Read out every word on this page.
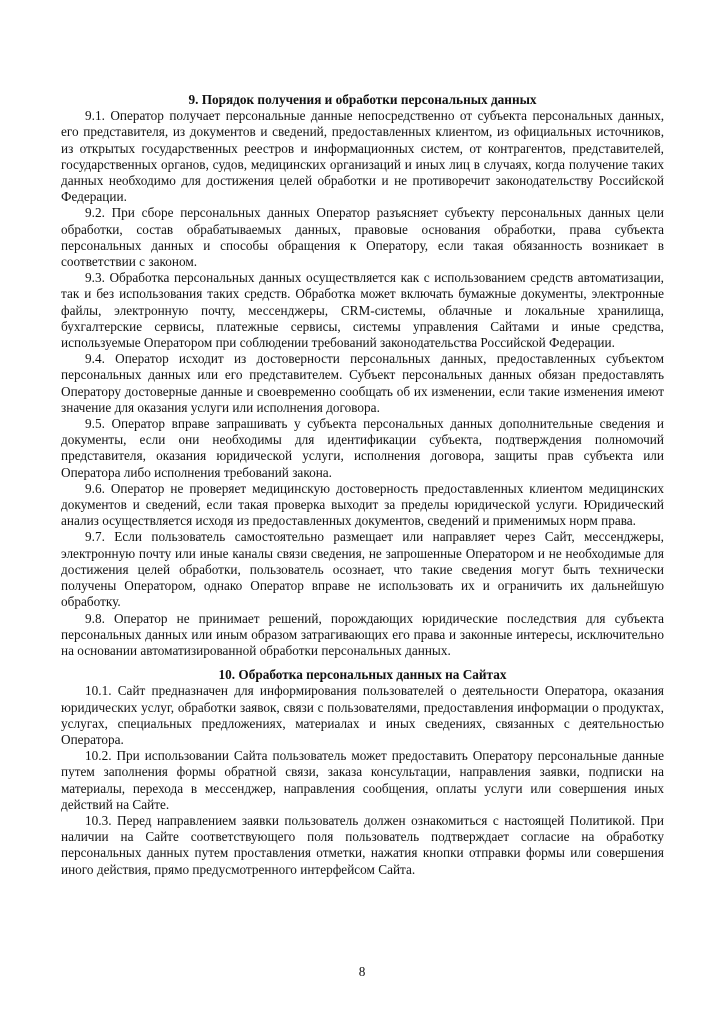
9. Порядок получения и обработки персональных данных

9.1. Оператор получает персональные данные непосредственно от субъекта персональных данных, его представителя, из документов и сведений, предоставленных клиентом, из официальных источников, из открытых государственных реестров и информационных систем, от контрагентов, представителей, государственных органов, судов, медицинских организаций и иных лиц в случаях, когда получение таких данных необходимо для достижения целей обработки и не противоречит законодательству Российской Федерации.

9.2. При сборе персональных данных Оператор разъясняет субъекту персональных данных цели обработки, состав обрабатываемых данных, правовые основания обработки, права субъекта персональных данных и способы обращения к Оператору, если такая обязанность возникает в соответствии с законом.

9.3. Обработка персональных данных осуществляется как с использованием средств автоматизации, так и без использования таких средств. Обработка может включать бумажные документы, электронные файлы, электронную почту, мессенджеры, CRM-системы, облачные и локальные хранилища, бухгалтерские сервисы, платежные сервисы, системы управления Сайтами и иные средства, используемые Оператором при соблюдении требований законодательства Российской Федерации.

9.4. Оператор исходит из достоверности персональных данных, предоставленных субъектом персональных данных или его представителем. Субъект персональных данных обязан предоставлять Оператору достоверные данные и своевременно сообщать об их изменении, если такие изменения имеют значение для оказания услуги или исполнения договора.

9.5. Оператор вправе запрашивать у субъекта персональных данных дополнительные сведения и документы, если они необходимы для идентификации субъекта, подтверждения полномочий представителя, оказания юридической услуги, исполнения договора, защиты прав субъекта или Оператора либо исполнения требований закона.

9.6. Оператор не проверяет медицинскую достоверность предоставленных клиентом медицинских документов и сведений, если такая проверка выходит за пределы юридической услуги. Юридический анализ осуществляется исходя из предоставленных документов, сведений и применимых норм права.

9.7. Если пользователь самостоятельно размещает или направляет через Сайт, мессенджеры, электронную почту или иные каналы связи сведения, не запрошенные Оператором и не необходимые для достижения целей обработки, пользователь осознает, что такие сведения могут быть технически получены Оператором, однако Оператор вправе не использовать их и ограничить их дальнейшую обработку.

9.8. Оператор не принимает решений, порождающих юридические последствия для субъекта персональных данных или иным образом затрагивающих его права и законные интересы, исключительно на основании автоматизированной обработки персональных данных.

10. Обработка персональных данных на Сайтах

10.1. Сайт предназначен для информирования пользователей о деятельности Оператора, оказания юридических услуг, обработки заявок, связи с пользователями, предоставления информации о продуктах, услугах, специальных предложениях, материалах и иных сведениях, связанных с деятельностью Оператора.

10.2. При использовании Сайта пользователь может предоставить Оператору персональные данные путем заполнения формы обратной связи, заказа консультации, направления заявки, подписки на материалы, перехода в мессенджер, направления сообщения, оплаты услуги или совершения иных действий на Сайте.

10.3. Перед направлением заявки пользователь должен ознакомиться с настоящей Политикой. При наличии на Сайте соответствующего поля пользователь подтверждает согласие на обработку персональных данных путем проставления отметки, нажатия кнопки отправки формы или совершения иного действия, прямо предусмотренного интерфейсом Сайта.

8
